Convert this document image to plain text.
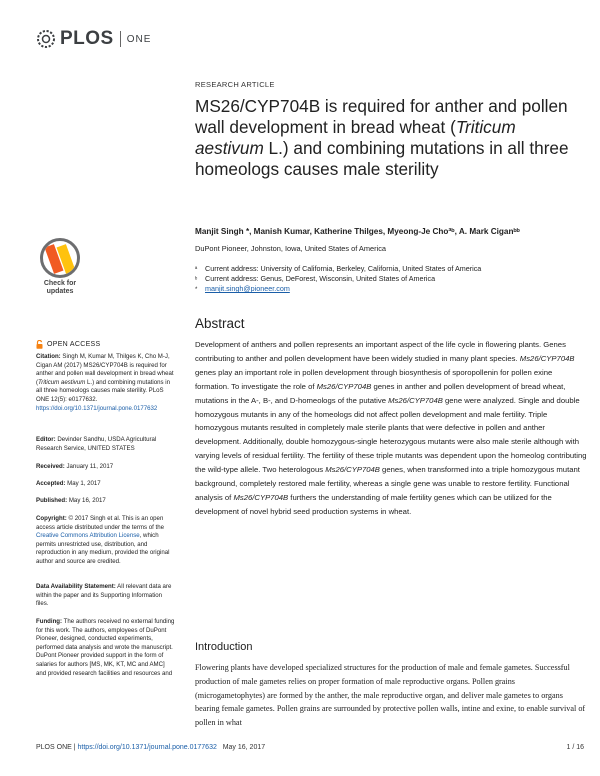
PLOS ONE
RESEARCH ARTICLE
MS26/CYP704B is required for anther and pollen wall development in bread wheat (Triticum aestivum L.) and combining mutations in all three homeologs causes male sterility
Manjit Singh *, Manish Kumar, Katherine Thilges, Myeong-Je Choªᵇ, A. Mark Ciganᵇᵇ
DuPont Pioneer, Johnston, Iowa, United States of America
ª Current address: University of California, Berkeley, California, United States of America
ᵇ Current address: Genus, DeForest, Wisconsin, United States of America
* manjit.singh@pioneer.com
Check for
updates
OPEN ACCESS
Citation: Singh M, Kumar M, Thilges K, Cho M-J, Cigan AM (2017) MS26/CYP704B is required for anther and pollen wall development in bread wheat (Triticum aestivum L.) and combining mutations in all three homeologs causes male sterility. PLoS ONE 12(5): e0177632. https://doi.org/10.1371/journal.pone.0177632
Editor: Devinder Sandhu, USDA Agricultural Research Service, UNITED STATES
Received: January 11, 2017
Accepted: May 1, 2017
Published: May 16, 2017
Copyright: © 2017 Singh et al. This is an open access article distributed under the terms of the Creative Commons Attribution License, which permits unrestricted use, distribution, and reproduction in any medium, provided the original author and source are credited.
Data Availability Statement: All relevant data are within the paper and its Supporting Information files.
Funding: The authors received no external funding for this work. The authors, employees of DuPont Pioneer, designed, conducted experiments, performed data analysis and wrote the manuscript. DuPont Pioneer provided support in the form of salaries for authors [MS, MK, KT, MC and AMC] and provided research facilities and resources and
Abstract

Development of anthers and pollen represents an important aspect of the life cycle in flowering plants. Genes contributing to anther and pollen development have been widely studied in many plant species. Ms26/CYP704B genes play an important role in pollen development through biosynthesis of sporopollenin for pollen exine formation. To investigate the role of Ms26/CYP704B genes in anther and pollen development of bread wheat, mutations in the A-, B-, and D-homeologs of the putative Ms26/CYP704B gene were analyzed. Single and double homozygous mutants in any of the homeologs did not affect pollen development and male fertility. Triple homozygous mutants resulted in completely male sterile plants that were defective in pollen and anther development. Additionally, double homozygous-single heterozygous mutants were also male sterile although with varying levels of residual fertility. The fertility of these triple mutants was dependent upon the homeolog contributing the wild-type allele. Two heterologous Ms26/CYP704B genes, when transformed into a triple homozygous mutant background, completely restored male fertility, whereas a single gene was unable to restore fertility. Functional analysis of Ms26/CYP704B furthers the understanding of male fertility genes which can be utilized for the development of novel hybrid seed production systems in wheat.

Introduction

Flowering plants have developed specialized structures for the production of male and female gametes. Successful production of male gametes relies on proper formation of male reproductive organs. Pollen grains (microgametophytes) are formed by the anther, the male reproductive organ, and deliver male gametes to organs bearing female gametes. Pollen grains are surrounded by protective pollen walls, intine and exine, to enable survival of pollen in what

PLOS ONE | https://doi.org/10.1371/journal.pone.0177632 May 16, 2017	1 / 16
